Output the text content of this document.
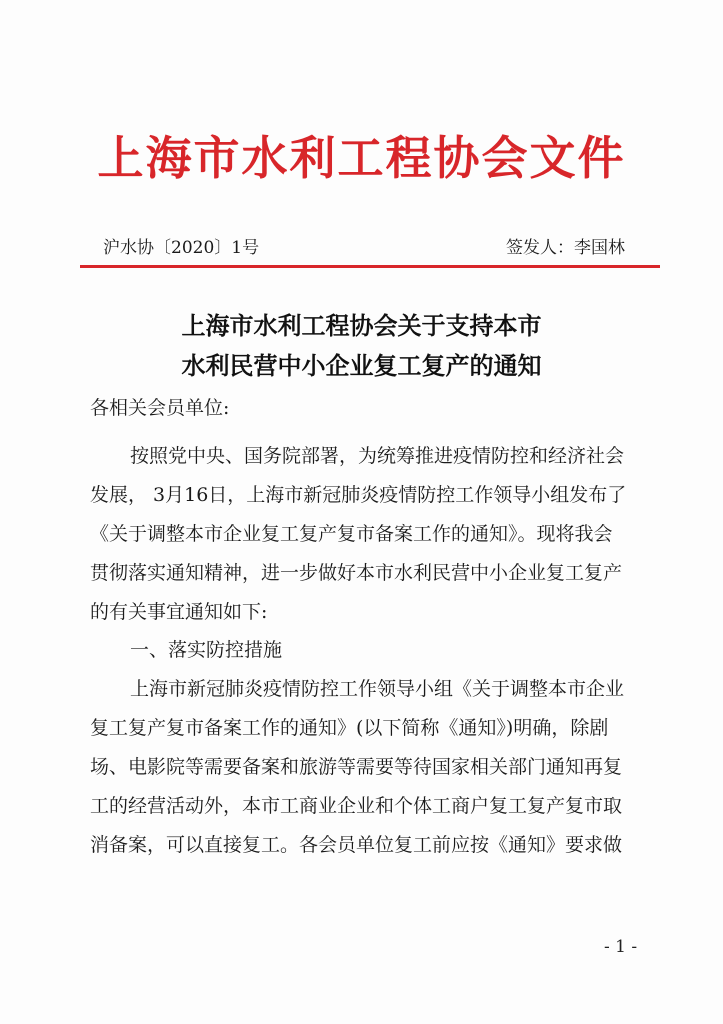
上海市水利工程协会文件
沪水协〔2020〕1号	签发人：李国林
上海市水利工程协会关于支持本市
水利民营中小企业复工复产的通知
各相关会员单位:
按照党中央、国务院部署，为统筹推进疫情防控和经济社会
发展， 3月16日，上海市新冠肺炎疫情防控工作领导小组发布了
《关于调整本市企业复工复产复市备案工作的通知》。现将我会
贯彻落实通知精神，进一步做好本市水利民营中小企业复工复产
的有关事宜通知如下:
一、落实防控措施
上海市新冠肺炎疫情防控工作领导小组《关于调整本市企业
复工复产复市备案工作的通知》(以下简称《通知》)明确，除剧
场、电影院等需要备案和旅游等需要等待国家相关部门通知再复
工的经营活动外，本市工商业企业和个体工商户复工复产复市取
消备案，可以直接复工。各会员单位复工前应按《通知》要求做
- 1 -
